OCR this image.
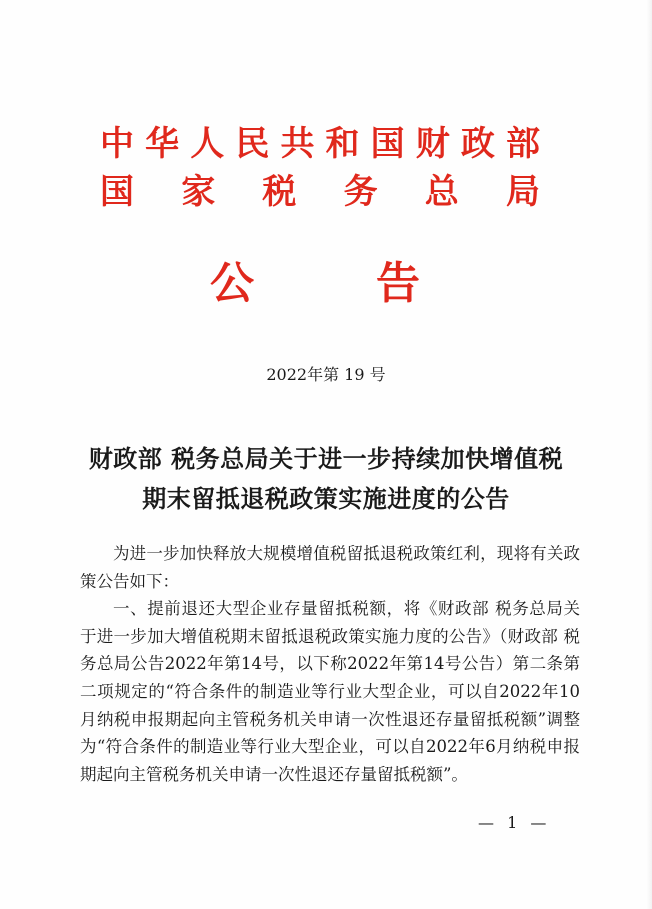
中 华 人 民 共 和 国 财 政 部
国 家 税 务 总 局
公	告
2022年第 19 号
财政部 税务总局关于进一步持续加快增值税
期末留抵退税政策实施进度的公告

为进一步加快释放大规模增值税留抵退税政策红利，现将有关政策公告如下：

一、提前退还大型企业存量留抵税额，将《财政部 税务总局关于进一步加大增值税期末留抵退税政策实施力度的公告》（财政部 税务总局公告2022年第14号，以下称2022年第14号公告）第二条第二项规定的“符合条件的制造业等行业大型企业，可以自2022年10月纳税申报期起向主管税务机关申请一次性退还存量留抵税额”调整为“符合条件的制造业等行业大型企业，可以自2022年6月纳税申报期起向主管税务机关申请一次性退还存量留抵税额”。

— 1 —
